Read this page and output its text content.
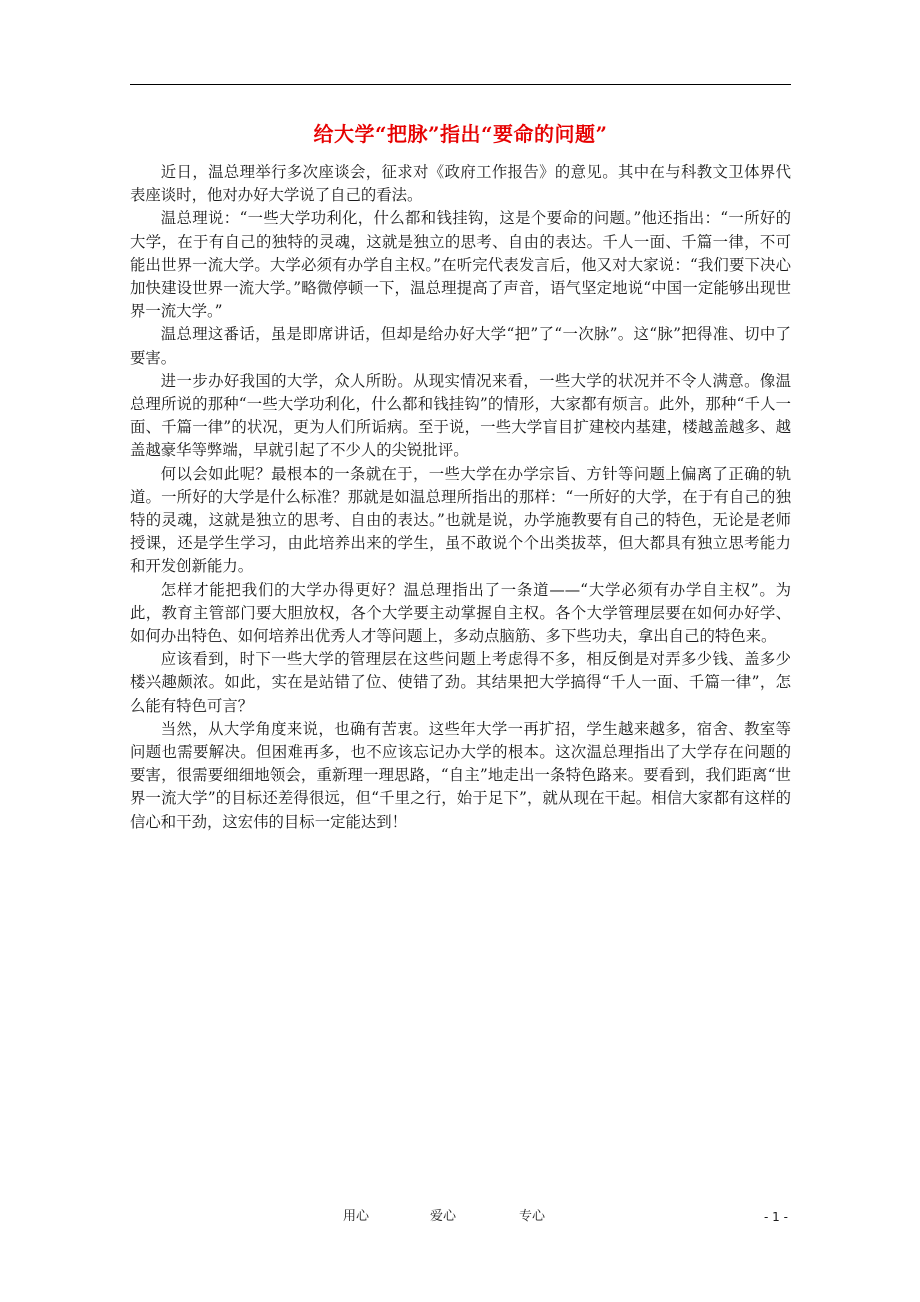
给大学“把脉”指出“要命的问题”

近日，温总理举行多次座谈会，征求对《政府工作报告》的意见。其中在与科教文卫体界代表座谈时，他对办好大学说了自己的看法。

温总理说：“一些大学功利化，什么都和钱挂钩，这是个要命的问题。”他还指出：“一所好的大学，在于有自己的独特的灵魂，这就是独立的思考、自由的表达。千人一面、千篇一律，不可能出世界一流大学。大学必须有办学自主权。”在听完代表发言后，他又对大家说：“我们要下决心加快建设世界一流大学。”略微停顿一下，温总理提高了声音，语气坚定地说“中国一定能够出现世界一流大学。”

温总理这番话，虽是即席讲话，但却是给办好大学“把”了“一次脉”。这“脉”把得准、切中了要害。

进一步办好我国的大学，众人所盼。从现实情况来看，一些大学的状况并不令人满意。像温总理所说的那种“一些大学功利化，什么都和钱挂钩”的情形，大家都有烦言。此外，那种“千人一面、千篇一律”的状况，更为人们所诟病。至于说，一些大学盲目扩建校内基建，楼越盖越多、越盖越豪华等弊端，早就引起了不少人的尖锐批评。

何以会如此呢？最根本的一条就在于，一些大学在办学宗旨、方针等问题上偏离了正确的轨道。一所好的大学是什么标准？那就是如温总理所指出的那样：“一所好的大学，在于有自己的独特的灵魂，这就是独立的思考、自由的表达。”也就是说，办学施教要有自己的特色，无论是老师授课，还是学生学习，由此培养出来的学生，虽不敢说个个出类拔萃，但大都具有独立思考能力和开发创新能力。

怎样才能把我们的大学办得更好？温总理指出了一条道——“大学必须有办学自主权”。为此，教育主管部门要大胆放权，各个大学要主动掌握自主权。各个大学管理层要在如何办好学、如何办出特色、如何培养出优秀人才等问题上，多动点脑筋、多下些功夫，拿出自己的特色来。

应该看到，时下一些大学的管理层在这些问题上考虑得不多，相反倒是对弄多少钱、盖多少楼兴趣颇浓。如此，实在是站错了位、使错了劲。其结果把大学搞得“千人一面、千篇一律”，怎么能有特色可言？

当然，从大学角度来说，也确有苦衷。这些年大学一再扩招，学生越来越多，宿舍、教室等问题也需要解决。但困难再多，也不应该忘记办大学的根本。这次温总理指出了大学存在问题的要害，很需要细细地领会，重新理一理思路，“自主”地走出一条特色路来。要看到，我们距离“世界一流大学”的目标还差得很远，但“千里之行，始于足下”，就从现在干起。相信大家都有这样的信心和干劲，这宏伟的目标一定能达到！

用心	爱心	专心	- 1 -
